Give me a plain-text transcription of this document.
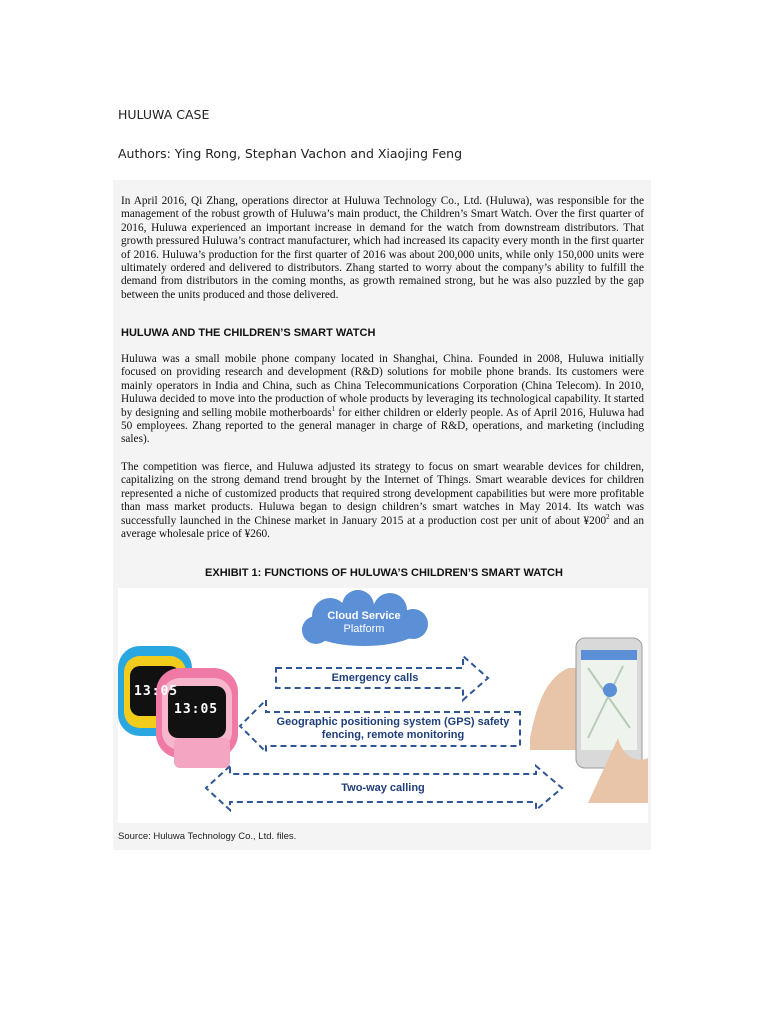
HULUWA CASE
Authors: Ying Rong, Stephan Vachon and Xiaojing Feng

In April 2016, Qi Zhang, operations director at Huluwa Technology Co., Ltd. (Huluwa), was responsible for the management of the robust growth of Huluwa’s main product, the Children’s Smart Watch. Over the first quarter of 2016, Huluwa experienced an important increase in demand for the watch from downstream distributors. That growth pressured Huluwa’s contract manufacturer, which had increased its capacity every month in the first quarter of 2016. Huluwa’s production for the first quarter of 2016 was about 200,000 units, while only 150,000 units were ultimately ordered and delivered to distributors. Zhang started to worry about the company’s ability to fulfill the demand from distributors in the coming months, as growth remained strong, but he was also puzzled by the gap between the units produced and those delivered.

HULUWA AND THE CHILDREN’S SMART WATCH

Huluwa was a small mobile phone company located in Shanghai, China. Founded in 2008, Huluwa initially focused on providing research and development (R&D) solutions for mobile phone brands. Its customers were mainly operators in India and China, such as China Telecommunications Corporation (China Telecom). In 2010, Huluwa decided to move into the production of whole products by leveraging its technological capability. It started by designing and selling mobile motherboards$^1$ for either children or elderly people. As of April 2016, Huluwa had 50 employees. Zhang reported to the general manager in charge of R&D, operations, and marketing (including sales).

The competition was fierce, and Huluwa adjusted its strategy to focus on smart wearable devices for children, capitalizing on the strong demand trend brought by the Internet of Things. Smart wearable devices for children represented a niche of customized products that required strong development capabilities but were more profitable than mass market products. Huluwa began to design children’s smart watches in May 2014. Its watch was successfully launched in the Chinese market in January 2015 at a production cost per unit of about $¥200^2$ and an average wholesale price of ¥260.

EXHIBIT 1: FUNCTIONS OF HULUWA’S CHILDREN’S SMART WATCH
Cloud Service
Platform
Emergency calls
Geographic positioning system (GPS) safety
fencing, remote monitoring
Two-way calling
13:05
13:05
Source: Huluwa Technology Co., Ltd. files.
